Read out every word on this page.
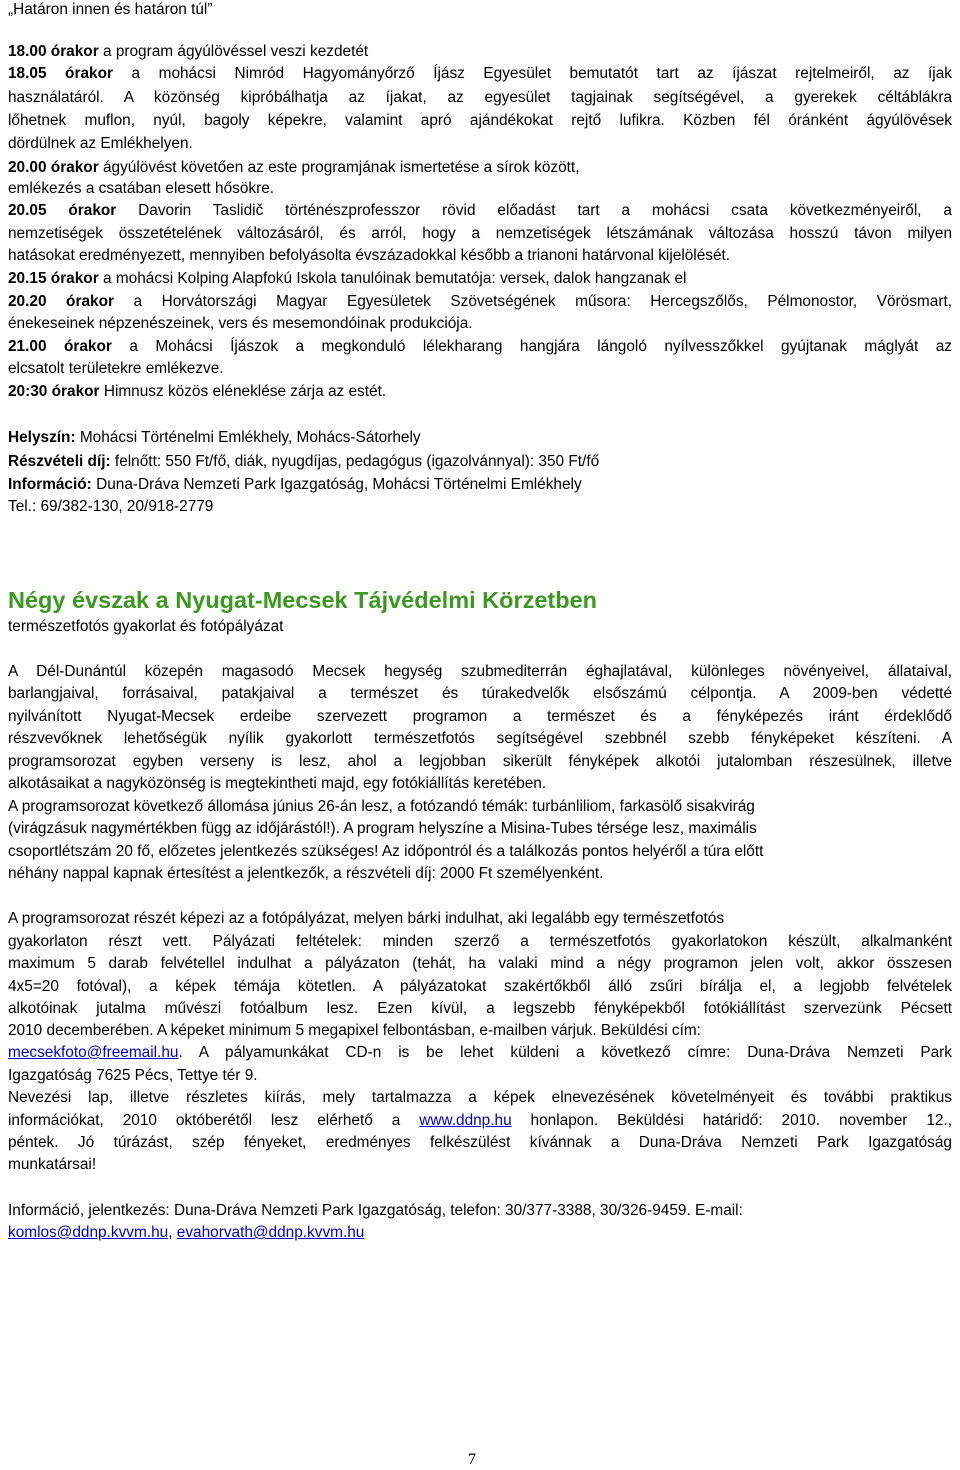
„Határon innen és határon túl”
18.00 órakor a program ágyúlövéssel veszi kezdetét
18.05 órakor a mohácsi Nimród Hagyományőrző Íjász Egyesület bemutatót tart az íjászat rejtelmeiről, az íjak
használatáról. A közönség kipróbálhatja az íjakat, az egyesület tagjainak segítségével, a gyerekek céltáblákra
lőhetnek muflon, nyúl, bagoly képekre, valamint apró ajándékokat rejtő lufikra. Közben fél óránként ágyúlövések
dördülnek az Emlékhelyen.
20.00 órakor ágyúlövést követően az este programjának ismertetése a sírok között,
emlékezés a csatában elesett hősökre.
20.05 órakor Davorin Taslidič történészprofesszor rövid előadást tart a mohácsi csata következményeiről, a
nemzetiségek összetételének változásáról, és arról, hogy a nemzetiségek létszámának változása hosszú távon milyen
hatásokat eredményezett, mennyiben befolyásolta évszázadokkal később a trianoni határvonal kijelölését.
20.15 órakor a mohácsi Kolping Alapfokú Iskola tanulóinak bemutatója: versek, dalok hangzanak el
20.20 órakor a Horvátországi Magyar Egyesületek Szövetségének műsora: Hercegszőlős, Pélmonostor, Vörösmart,
énekeseinek népzenészeinek, vers és mesemondóinak produkciója.
21.00 órakor a Mohácsi Íjászok a megkonduló lélekharang hangjára lángoló nyílvesszőkkel gyújtanak máglyát az
elcsatolt területekre emlékezve.
20:30 órakor Himnusz közös eléneklése zárja az estét.
Helyszín: Mohácsi Történelmi Emlékhely, Mohács-Sátorhely
Részvételi díj: felnőtt: 550 Ft/fő, diák, nyugdíjas, pedagógus (igazolvánnyal): 350 Ft/fő
Információ: Duna-Dráva Nemzeti Park Igazgatóság, Mohácsi Történelmi Emlékhely
Tel.: 69/382-130, 20/918-2779
Négy évszak a Nyugat-Mecsek Tájvédelmi Körzetben
természetfotós gyakorlat és fotópályázat
A Dél-Dunántúl közepén magasodó Mecsek hegység szubmediterrán éghajlatával, különleges növényeivel, állataival,
barlangjaival, forrásaival, patakjaival a természet és túrakedvelők elsőszámú célpontja. A 2009-ben védetté
nyilvánított Nyugat-Mecsek erdeibe szervezett programon a természet és a fényképezés iránt érdeklődő
részvevőknek lehetőségük nyílik gyakorlott természetfotós segítségével szebbnél szebb fényképeket készíteni. A
programsorozat egyben verseny is lesz, ahol a legjobban sikerült fényképek alkotói jutalomban részesülnek, illetve
alkotásaikat a nagyközönség is megtekintheti majd, egy fotókiállítás keretében.
A programsorozat következő állomása június 26-án lesz, a fotózandó témák: turbánliliom, farkasölő sisakvirág
(virágzásuk nagymértékben függ az időjárástól!). A program helyszíne a Misina-Tubes térsége lesz, maximális
csoportlétszám 20 fő, előzetes jelentkezés szükséges! Az időpontról és a találkozás pontos helyéről a túra előtt
néhány nappal kapnak értesítést a jelentkezők, a részvételi díj: 2000 Ft személyenként.
A programsorozat részét képezi az a fotópályázat, melyen bárki indulhat, aki legalább egy természetfotós
gyakorlaton részt vett. Pályázati feltételek: minden szerző a természetfotós gyakorlatokon készült, alkalmanként
maximum 5 darab felvétellel indulhat a pályázaton (tehát, ha valaki mind a négy programon jelen volt, akkor összesen
4x5=20 fotóval), a képek témája kötetlen. A pályázatokat szakértőkből álló zsűri bírálja el, a legjobb felvételek
alkotóinak jutalma művészi fotóalbum lesz. Ezen kívül, a legszebb fényképekből fotókiállítást szervezünk Pécsett
2010 decemberében. A képeket minimum 5 megapixel felbontásban, e-mailben várjuk. Beküldési cím:
mecsekfoto@freemail.hu. A pályamunkákat CD-n is be lehet küldeni a következő címre: Duna-Dráva Nemzeti Park
Igazgatóság 7625 Pécs, Tettye tér 9.
Nevezési lap, illetve részletes kiírás, mely tartalmazza a képek elnevezésének követelményeit és további praktikus
információkat, 2010 októberétől lesz elérhető a www.ddnp.hu honlapon. Beküldési határidő: 2010. november 12.,
péntek. Jó túrázást, szép fényeket, eredményes felkészülést kívánnak a Duna-Dráva Nemzeti Park Igazgatóság
munkatársai!
Információ, jelentkezés: Duna-Dráva Nemzeti Park Igazgatóság, telefon: 30/377-3388, 30/326-9459. E-mail:
komlos@ddnp.kvvm.hu, evahorvath@ddnp.kvvm.hu
7
